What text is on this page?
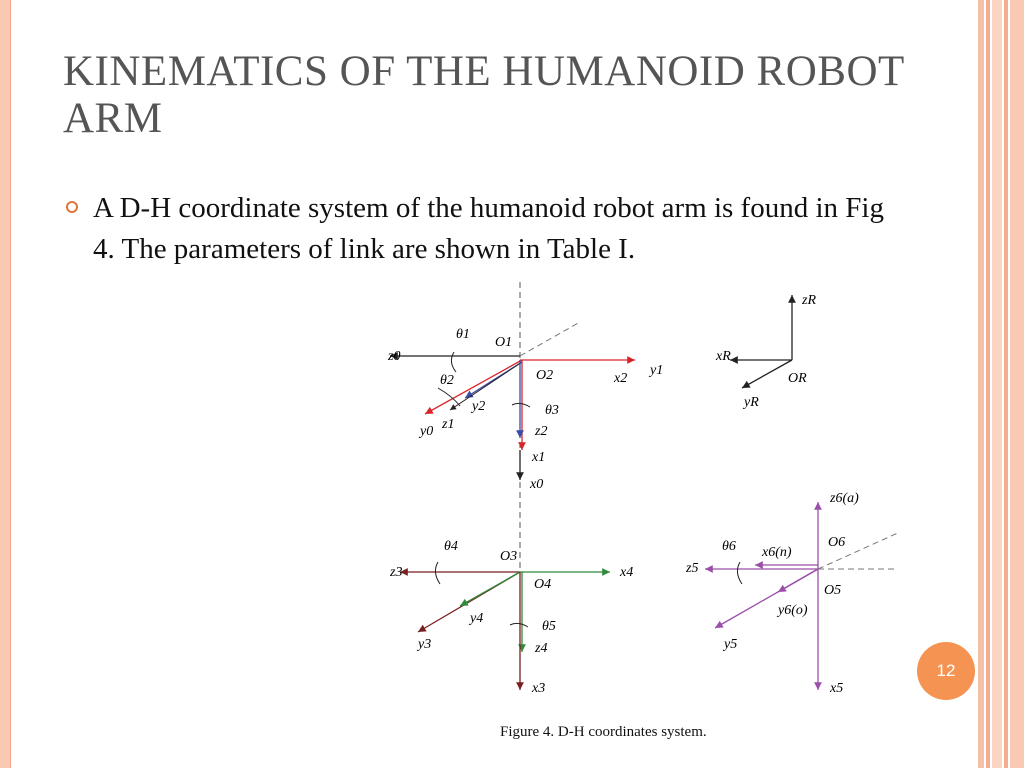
KINEMATICS OF THE HUMANOID ROBOT ARM

A D-H coordinate system of the humanoid robot arm is found in Fig 4. The parameters of link are shown in Table I.

θ1
O1
z0
O2	x2
y1
θ2
y2
z1
y0
θ3
z2
x1
x0
zR
xR
OR
yR
θ4
O3
z3	x4
O4
y4
θ5
y3	z4
x3
z6(a)
θ6 x6(n)
O6
z5
O5
y6(o)
y5
x5
Figure 4. D-H coordinates system.
12
